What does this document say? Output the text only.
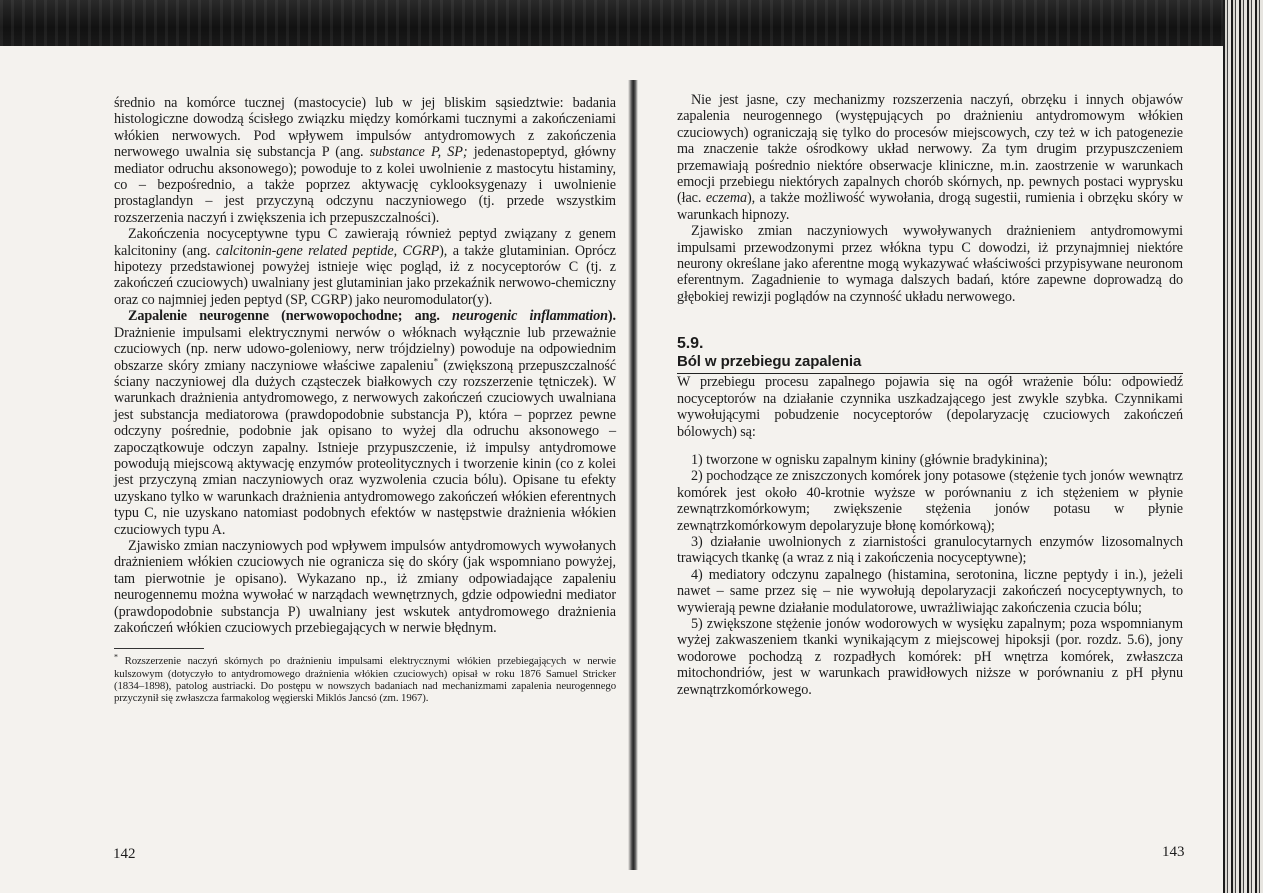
średnio na komórce tucznej (mastocycie) lub w jej bliskim sąsiedztwie: badania histologiczne dowodzą ścisłego związku między komórkami tucznymi a zakończeniami włókien nerwowych. Pod wpływem impulsów antydromowych z zakończenia nerwowego uwalnia się substancja P (ang. substance P, SP; jedenastopeptyd, główny mediator odruchu aksonowego); powoduje to z kolei uwolnienie z mastocytu histaminy, co – bezpośrednio, a także poprzez aktywację cyklooksygenazy i uwolnienie prostaglandyn – jest przyczyną odczynu naczyniowego (tj. przede wszystkim rozszerzenia naczyń i zwiększenia ich przepuszczalności).

Zakończenia nocyceptywne typu C zawierają również peptyd związany z genem kalcitoniny (ang. calcitonin-gene related peptide, CGRP), a także glutaminian. Oprócz hipotezy przedstawionej powyżej istnieje więc pogląd, iż z nocyceptorów C (tj. z zakończeń czuciowych) uwalniany jest glutaminian jako przekaźnik nerwowo-chemiczny oraz co najmniej jeden peptyd (SP, CGRP) jako neuromodulator(y).

Zapalenie neurogenne (nerwowopochodne; ang. neurogenic inflammation). Drażnienie impulsami elektrycznymi nerwów o włóknach wyłącznie lub przeważnie czuciowych (np. nerw udowo-goleniowy, nerw trójdzielny) powoduje na odpowiednim obszarze skóry zmiany naczyniowe właściwe zapaleniu* (zwiększoną przepuszczalność ściany naczyniowej dla dużych cząsteczek białkowych czy rozszerzenie tętniczek). W warunkach drażnienia antydromowego, z nerwowych zakończeń czuciowych uwalniana jest substancja mediatorowa (prawdopodobnie substancja P), która – poprzez pewne odczyny pośrednie, podobnie jak opisano to wyżej dla odruchu aksonowego – zapoczątkowuje odczyn zapalny. Istnieje przypuszczenie, iż impulsy antydromowe powodują miejscową aktywację enzymów proteolitycznych i tworzenie kinin (co z kolei jest przyczyną zmian naczyniowych oraz wyzwolenia czucia bólu). Opisane tu efekty uzyskano tylko w warunkach drażnienia antydromowego zakończeń włókien eferentnych typu C, nie uzyskano natomiast podobnych efektów w następstwie drażnienia włókien czuciowych typu A.

Zjawisko zmian naczyniowych pod wpływem impulsów antydromowych wywołanych drażnieniem włókien czuciowych nie ogranicza się do skóry (jak wspomniano powyżej, tam pierwotnie je opisano). Wykazano np., iż zmiany odpowiadające zapaleniu neurogennemu można wywołać w narządach wewnętrznych, gdzie odpowiedni mediator (prawdopodobnie substancja P) uwalniany jest wskutek antydromowego drażnienia zakończeń włókien czuciowych przebiegających w nerwie błędnym.

* Rozszerzenie naczyń skórnych po drażnieniu impulsami elektrycznymi włókien przebiegających w nerwie kulszowym (dotyczyło to antydromowego drażnienia włókien czuciowych) opisał w roku 1876 Samuel Stricker (1834–1898), patolog austriacki. Do postępu w nowszych badaniach nad mechanizmami zapalenia neurogennego przyczynił się zwłaszcza farmakolog węgierski Miklós Jancsó (zm. 1967).
142

Nie jest jasne, czy mechanizmy rozszerzenia naczyń, obrzęku i innych objawów zapalenia neurogennego (występujących po drażnieniu antydromowym włókien czuciowych) ograniczają się tylko do procesów miejscowych, czy też w ich patogenezie ma znaczenie także ośrodkowy układ nerwowy. Za tym drugim przypuszczeniem przemawiają pośrednio niektóre obserwacje kliniczne, m.in. zaostrzenie w warunkach emocji przebiegu niektórych zapalnych chorób skórnych, np. pewnych postaci wyprysku (łac. eczema), a także możliwość wywołania, drogą sugestii, rumienia i obrzęku skóry w warunkach hipnozy.

Zjawisko zmian naczyniowych wywoływanych drażnieniem antydromowymi impulsami przewodzonymi przez włókna typu C dowodzi, iż przynajmniej niektóre neurony określane jako aferentne mogą wykazywać właściwości przypisywane neuronom eferentnym. Zagadnienie to wymaga dalszych badań, które zapewne doprowadzą do głębokiej rewizji poglądów na czynność układu nerwowego.

5.9.
Ból w przebiegu zapalenia

W przebiegu procesu zapalnego pojawia się na ogół wrażenie bólu: odpowiedź nocyceptorów na działanie czynnika uszkadzającego jest zwykle szybka. Czynnikami wywołującymi pobudzenie nocyceptorów (depolaryzację czuciowych zakończeń bólowych) są:

1) tworzone w ognisku zapalnym kininy (głównie bradykinina);

2) pochodzące ze zniszczonych komórek jony potasowe (stężenie tych jonów wewnątrz komórek jest około 40-krotnie wyższe w porównaniu z ich stężeniem w płynie zewnątrzkomórkowym; zwiększenie stężenia jonów potasu w płynie zewnątrzkomórkowym depolaryzuje błonę komórkową);

3) działanie uwolnionych z ziarnistości granulocytarnych enzymów lizosomalnych trawiących tkankę (a wraz z nią i zakończenia nocyceptywne);

4) mediatory odczynu zapalnego (histamina, serotonina, liczne peptydy i in.), jeżeli nawet – same przez się – nie wywołują depolaryzacji zakończeń nocyceptywnych, to wywierają pewne działanie modulatorowe, uwrażliwiając zakończenia czucia bólu;

5) zwiększone stężenie jonów wodorowych w wysięku zapalnym; poza wspomnianym wyżej zakwaszeniem tkanki wynikającym z miejscowej hipoksji (por. rozdz. 5.6), jony wodorowe pochodzą z rozpadłych komórek: pH wnętrza komórek, zwłaszcza mitochondriów, jest w warunkach prawidłowych niższe w porównaniu z pH płynu zewnątrzkomórkowego.

143
